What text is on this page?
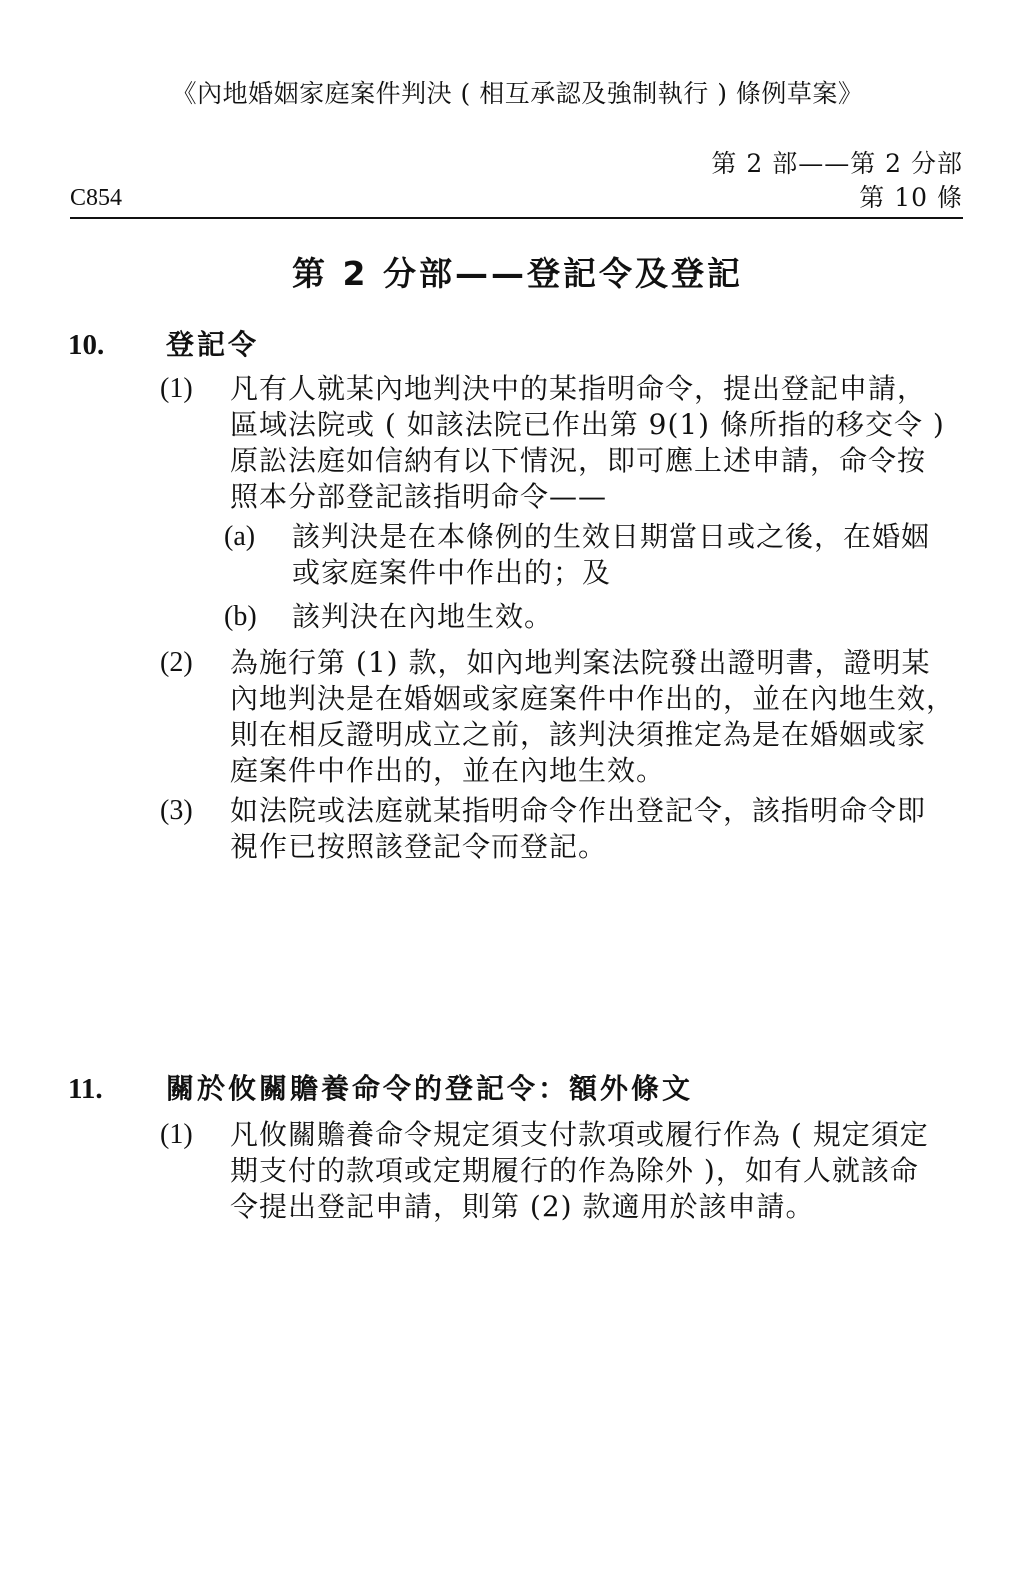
《內地婚姻家庭案件判決 ( 相互承認及強制執行 ) 條例草案》
第 2 部——第 2 分部
第 10 條
C854
第 2 分部——登記令及登記
10. 登記令
(1) 凡有人就某內地判決中的某指明命令，提出登記申請，
區域法院或 ( 如該法院已作出第 9(1) 條所指的移交令 )
原訟法庭如信納有以下情況，即可應上述申請，命令按
照本分部登記該指明命令——
(a) 該判決是在本條例的生效日期當日或之後，在婚姻
或家庭案件中作出的；及
(b) 該判決在內地生效。
(2) 為施行第 (1) 款，如內地判案法院發出證明書，證明某
內地判決是在婚姻或家庭案件中作出的，並在內地生效，
則在相反證明成立之前，該判決須推定為是在婚姻或家
庭案件中作出的，並在內地生效。
(3) 如法院或法庭就某指明命令作出登記令，該指明命令即
視作已按照該登記令而登記。
11. 關於攸關贍養命令的登記令：額外條文
(1) 凡攸關贍養命令規定須支付款項或履行作為 ( 規定須定
期支付的款項或定期履行的作為除外 )，如有人就該命
令提出登記申請，則第 (2) 款適用於該申請。
